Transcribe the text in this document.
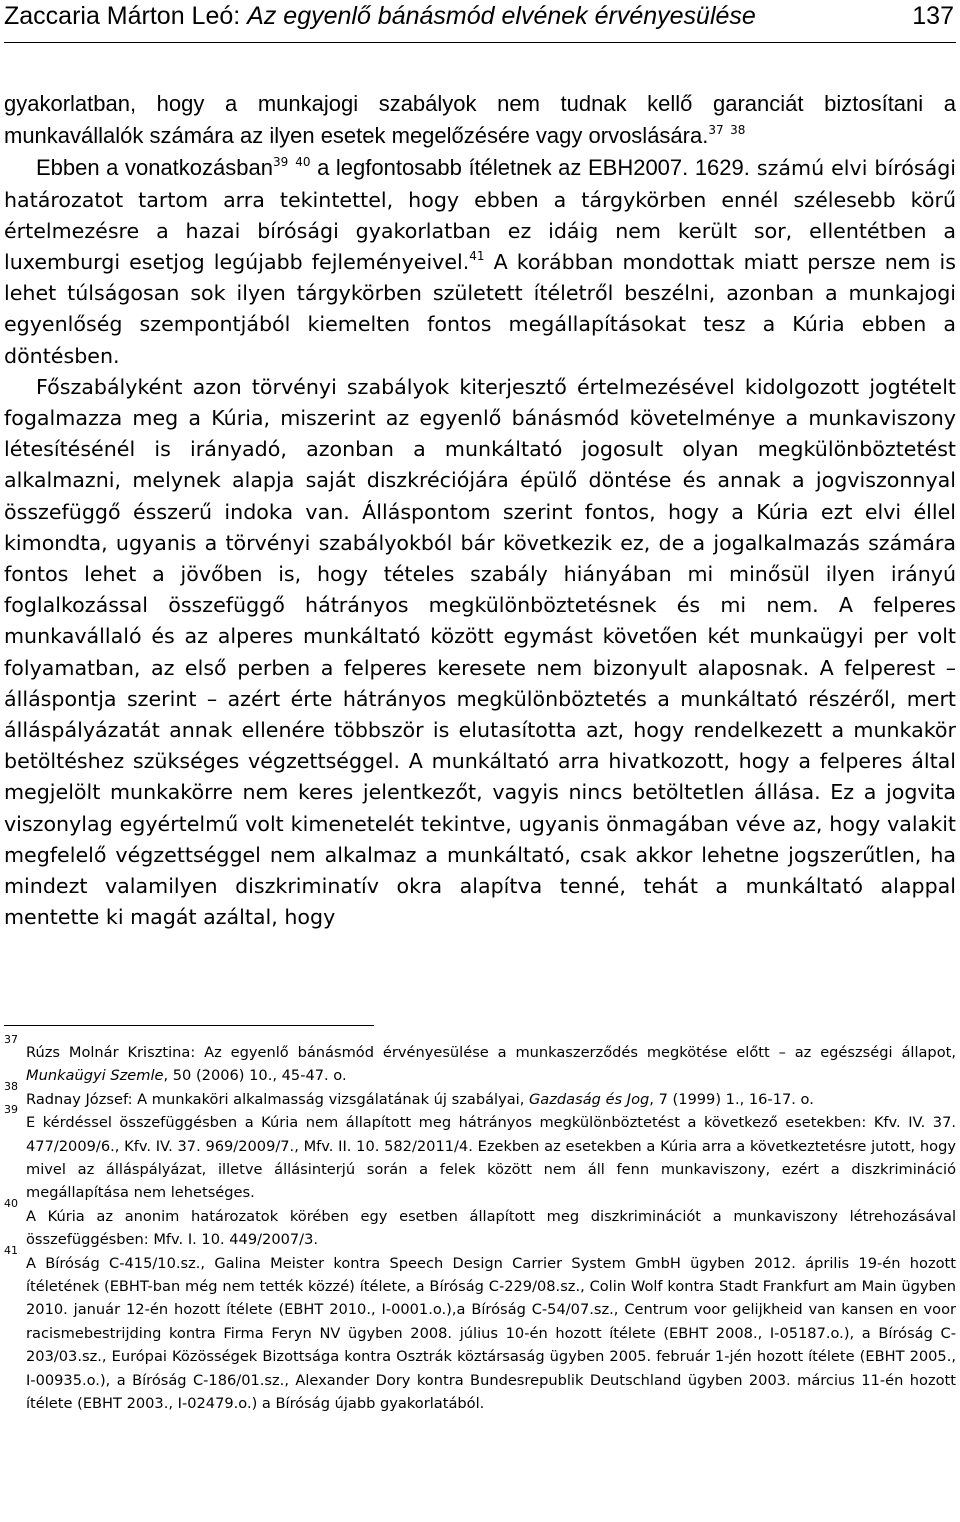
Zaccaria Márton Leó: Az egyenlő bánásmód elvének érvényesülése	137

gyakorlatban, hogy a munkajogi szabályok nem tudnak kellő garanciát biztosítani a munkavállalók számára az ilyen esetek megelőzésére vagy orvoslására.$^{37}$ $^{38}$

Ebben a vonatkozásban$^{39}$ $^{40}$ a legfontosabb ítéletnek az EBH2007. 1629. számú elvi bírósági határozatot tartom arra tekintettel, hogy ebben a tárgykörben ennél szélesebb körű értelmezésre a hazai bírósági gyakorlatban ez idáig nem került sor, ellentétben a luxemburgi esetjog legújabb fejleményeivel.$^{41}$ A korábban mondottak miatt persze nem is lehet túlságosan sok ilyen tárgykörben született ítéletről beszélni, azonban a munkajogi egyenlőség szempontjából kiemelten fontos megállapításokat tesz a Kúria ebben a döntésben.

Főszabályként azon törvényi szabályok kiterjesztő értelmezésével kidolgozott jogtételt fogalmazza meg a Kúria, miszerint az egyenlő bánásmód követelménye a munkaviszony létesítésénél is irányadó, azonban a munkáltató jogosult olyan megkülönböztetést alkalmazni, melynek alapja saját diszkréciójára épülő döntése és annak a jogviszonnyal összefüggő ésszerű indoka van. Álláspontom szerint fontos, hogy a Kúria ezt elvi éllel kimondta, ugyanis a törvényi szabályokból bár következik ez, de a jogalkalmazás számára fontos lehet a jövőben is, hogy tételes szabály hiányában mi minősül ilyen irányú foglalkozással összefüggő hátrányos megkülönböztetésnek és mi nem. A felperes munkavállaló és az alperes munkáltató között egymást követően két munkaügyi per volt folyamatban, az első perben a felperes keresete nem bizonyult alaposnak. A felperest – álláspontja szerint – azért érte hátrányos megkülönböztetés a munkáltató részéről, mert álláspályázatát annak ellenére többször is elutasította azt, hogy rendelkezett a munkakör betöltéshez szükséges végzettséggel. A munkáltató arra hivatkozott, hogy a felperes által megjelölt munkakörre nem keres jelentkezőt, vagyis nincs betöltetlen állása. Ez a jogvita viszonylag egyértelmű volt kimenetelét tekintve, ugyanis önmagában véve az, hogy valakit megfelelő végzettséggel nem alkalmaz a munkáltató, csak akkor lehetne jogszerűtlen, ha mindezt valamilyen diszkriminatív okra alapítva tenné, tehát a munkáltató alappal mentette ki magát azáltal, hogy

37
Rúzs Molnár Krisztina: Az egyenlő bánásmód érvényesülése a munkaszerződés megkötése előtt – az egészségi állapot, Munkaügyi Szemle, 50 (2006) 10., 45-47. o.

38
Radnay József: A munkaköri alkalmasság vizsgálatának új szabályai, Gazdaság és Jog, 7 (1999) 1., 16-17. o.

39
E kérdéssel összefüggésben a Kúria nem állapított meg hátrányos megkülönböztetést a következő esetekben: Kfv. IV. 37. 477/2009/6., Kfv. IV. 37. 969/2009/7., Mfv. II. 10. 582/2011/4. Ezekben az esetekben a Kúria arra a következtetésre jutott, hogy mivel az álláspályázat, illetve állásinterjú során a felek között nem áll fenn munkaviszony, ezért a diszkrimináció megállapítása nem lehetséges.

40
A Kúria az anonim határozatok körében egy esetben állapított meg diszkriminációt a munkaviszony létrehozásával összefüggésben: Mfv. I. 10. 449/2007/3.

41
A Bíróság C-415/10.sz., Galina Meister kontra Speech Design Carrier System GmbH ügyben 2012. április 19-én hozott ítéletének (EBHT-ban még nem tették közzé) ítélete, a Bíróság C-229/08.sz., Colin Wolf kontra Stadt Frankfurt am Main ügyben 2010. január 12-én hozott ítélete (EBHT 2010., I-0001.o.),a Bíróság C-54/07.sz., Centrum voor gelijkheid van kansen en voor racismebestrijding kontra Firma Feryn NV ügyben 2008. július 10-én hozott ítélete (EBHT 2008., I-05187.o.), a Bíróság C-203/03.sz., Európai Közösségek Bizottsága kontra Osztrák köztársaság ügyben 2005. február 1-jén hozott ítélete (EBHT 2005., I-00935.o.), a Bíróság C-186/01.sz., Alexander Dory kontra Bundesrepublik Deutschland ügyben 2003. március 11-én hozott ítélete (EBHT 2003., I-02479.o.) a Bíróság újabb gyakorlatából.
